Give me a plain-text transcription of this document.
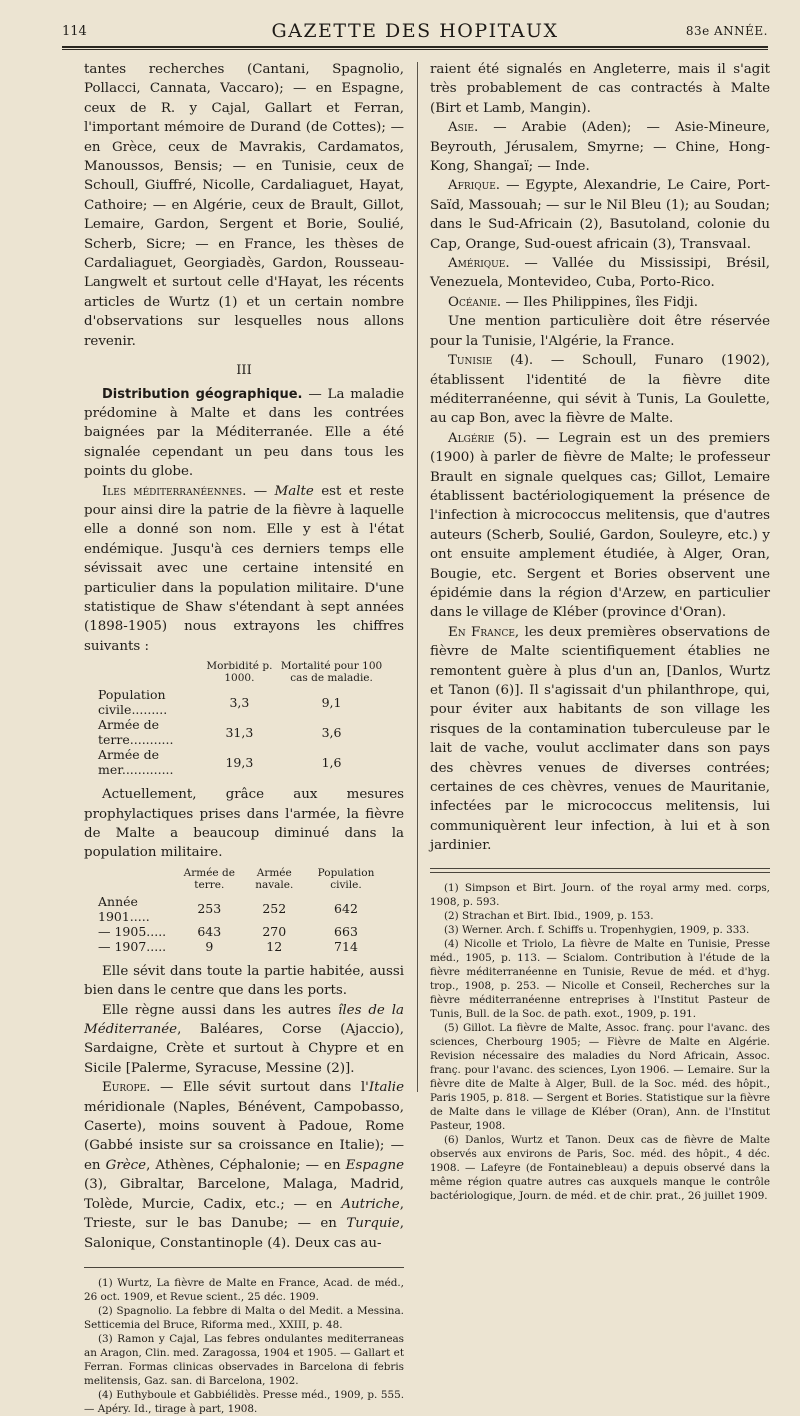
114	GAZETTE DES HOPITAUX	83e ANNÉE.

tantes recherches (Cantani, Spagnolio, Pollacci, Cannata, Vaccaro); — en Espagne, ceux de R. y Cajal, Gallart et Ferran, l'important mémoire de Durand (de Cottes); — en Grèce, ceux de Mavrakis, Cardamatos, Manoussos, Bensis; — en Tunisie, ceux de Schoull, Giuffré, Nicolle, Cardaliaguet, Hayat, Cathoire; — en Algérie, ceux de Brault, Gillot, Lemaire, Gardon, Sergent et Borie, Soulié, Scherb, Sicre; — en France, les thèses de Cardaliaguet, Georgiadès, Gardon, Rousseau-Langwelt et surtout celle d'Hayat, les récents articles de Wurtz (1) et un certain nombre d'observations sur lesquelles nous allons revenir.

III

Distribution géographique. — La maladie prédomine à Malte et dans les contrées baignées par la Méditerranée. Elle a été signalée cependant un peu dans tous les points du globe.

Iles méditerranéennes. — Malte est et reste pour ainsi dire la patrie de la fièvre à laquelle elle a donné son nom. Elle y est à l'état endémique. Jusqu'à ces derniers temps elle sévissait avec une certaine intensité en particulier dans la population militaire. D'une statistique de Shaw s'étendant à sept années (1898-1905) nous extrayons les chiffres suivants :

	Morbidité p. 1000.	Mortalité pour 100 cas de maladie.
Population civile.........	3,3	9,1
Armée de terre...........	31,3	3,6
Armée de mer.............	19,3	1,6

Actuellement, grâce aux mesures prophylactiques prises dans l'armée, la fièvre de Malte a beaucoup diminué dans la population militaire.

	Armée de terre.	Armée navale.	Population civile.
Année 1901.....	253	252	642
— 1905.....	643	270	663
— 1907.....	9	12	714

Elle sévit dans toute la partie habitée, aussi bien dans le centre que dans les ports.

Elle règne aussi dans les autres îles de la Méditerranée, Baléares, Corse (Ajaccio), Sardaigne, Crète et surtout à Chypre et en Sicile [Palerme, Syracuse, Messine (2)].

Europe. — Elle sévit surtout dans l'Italie méridionale (Naples, Bénévent, Campobasso, Caserte), moins souvent à Padoue, Rome (Gabbé insiste sur sa croissance en Italie); — en Grèce, Athènes, Céphalonie; — en Espagne (3), Gibraltar, Barcelone, Malaga, Madrid, Tolède, Murcie, Cadix, etc.; — en Autriche, Trieste, sur le bas Danube; — en Turquie, Salonique, Constantinople (4). Deux cas au-

(1) Wurtz, La fièvre de Malte en France, Acad. de méd., 26 oct. 1909, et Revue scient., 25 déc. 1909.

(2) Spagnolio. La febbre di Malta o del Medit. a Messina. Setticemia del Bruce, Riforma med., XXIII, p. 48.

(3) Ramon y Cajal, Las febres ondulantes mediterraneas an Aragon, Clin. med. Zaragossa, 1904 et 1905. — Gallart et Ferran. Formas clinicas observades in Barcelona di febris melitensis, Gaz. san. di Barcelona, 1902.

(4) Euthyboule et Gabbiélidès. Presse méd., 1909, p. 555. — Apéry. Id., tirage à part, 1908.

raient été signalés en Angleterre, mais il s'agit très probablement de cas contractés à Malte (Birt et Lamb, Mangin).

Asie. — Arabie (Aden); — Asie-Mineure, Beyrouth, Jérusalem, Smyrne; — Chine, Hong-Kong, Shangaï; — Inde.

Afrique. — Egypte, Alexandrie, Le Caire, Port-Saïd, Massouah; — sur le Nil Bleu (1); au Soudan; dans le Sud-Africain (2), Basutoland, colonie du Cap, Orange, Sud-ouest africain (3), Transvaal.

Amérique. — Vallée du Mississipi, Brésil, Venezuela, Montevideo, Cuba, Porto-Rico.

Océanie. — Iles Philippines, îles Fidji.

Une mention particulière doit être réservée pour la Tunisie, l'Algérie, la France.

Tunisie (4). — Schoull, Funaro (1902), établissent l'identité de la fièvre dite méditerranéenne, qui sévit à Tunis, La Goulette, au cap Bon, avec la fièvre de Malte.

Algérie (5). — Legrain est un des premiers (1900) à parler de fièvre de Malte; le professeur Brault en signale quelques cas; Gillot, Lemaire établissent bactériologiquement la présence de l'infection à micrococcus melitensis, que d'autres auteurs (Scherb, Soulié, Gardon, Souleyre, etc.) y ont ensuite amplement étudiée, à Alger, Oran, Bougie, etc. Sergent et Bories observent une épidémie dans la région d'Arzew, en particulier dans le village de Kléber (province d'Oran).

En France, les deux premières observations de fièvre de Malte scientifiquement établies ne remontent guère à plus d'un an, [Danlos, Wurtz et Tanon (6)]. Il s'agissait d'un philanthrope, qui, pour éviter aux habitants de son village les risques de la contamination tuberculeuse par le lait de vache, voulut acclimater dans son pays des chèvres venues de diverses contrées; certaines de ces chèvres, venues de Mauritanie, infectées par le micrococcus melitensis, lui communiquèrent leur infection, à lui et à son jardinier.

(1) Simpson et Birt. Journ. of the royal army med. corps, 1908, p. 593.

(2) Strachan et Birt. Ibid., 1909, p. 153.

(3) Werner. Arch. f. Schiffs u. Tropenhygien, 1909, p. 333.

(4) Nicolle et Triolo, La fièvre de Malte en Tunisie, Presse méd., 1905, p. 113. — Scialom. Contribution à l'étude de la fièvre méditerranéenne en Tunisie, Revue de méd. et d'hyg. trop., 1908, p. 253. — Nicolle et Conseil, Recherches sur la fièvre méditerranéenne entreprises à l'Institut Pasteur de Tunis, Bull. de la Soc. de path. exot., 1909, p. 191.

(5) Gillot. La fièvre de Malte, Assoc. franç. pour l'avanc. des sciences, Cherbourg 1905; — Fièvre de Malte en Algérie. Revision nécessaire des maladies du Nord Africain, Assoc. franç. pour l'avanc. des sciences, Lyon 1906. — Lemaire. Sur la fièvre dite de Malte à Alger, Bull. de la Soc. méd. des hôpit., Paris 1905, p. 818. — Sergent et Bories. Statistique sur la fièvre de Malte dans le village de Kléber (Oran), Ann. de l'Institut Pasteur, 1908.

(6) Danlos, Wurtz et Tanon. Deux cas de fièvre de Malte observés aux environs de Paris, Soc. méd. des hôpit., 4 déc. 1908. — Lafeyre (de Fontainebleau) a depuis observé dans la même région quatre autres cas auxquels manque le contrôle bactériologique, Journ. de méd. et de chir. prat., 26 juillet 1909.
